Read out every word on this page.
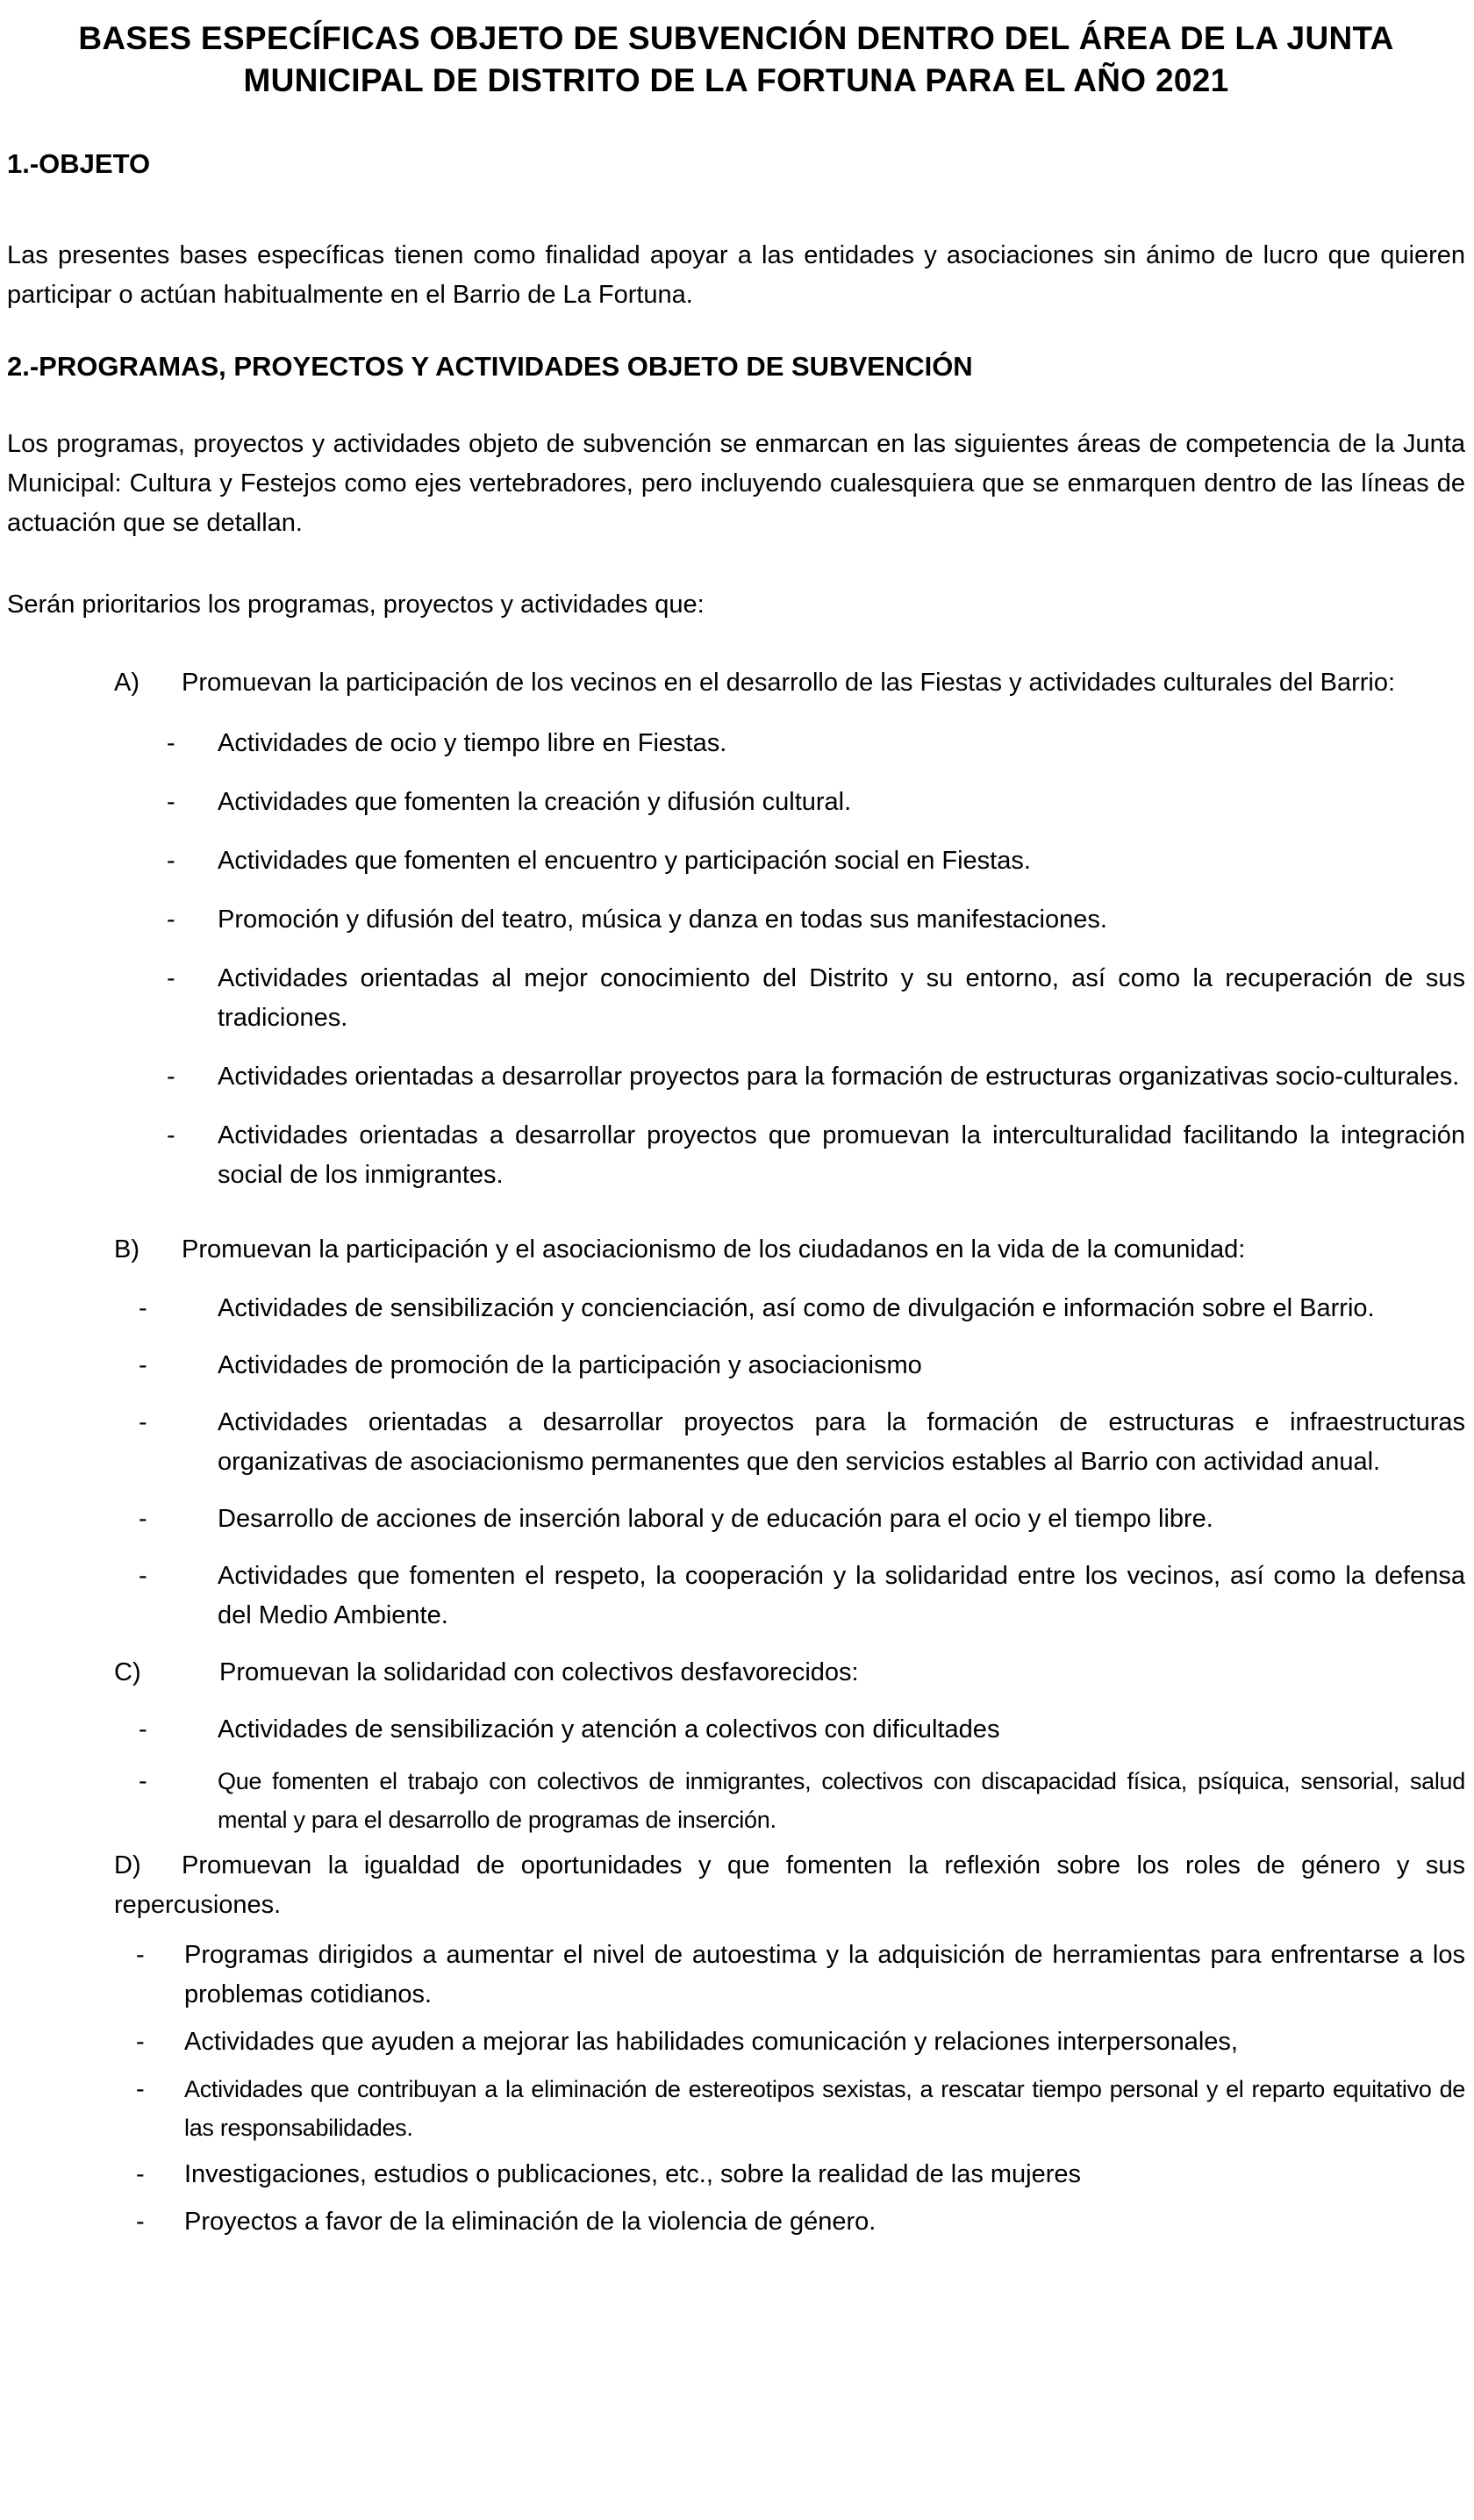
BASES ESPECÍFICAS OBJETO DE SUBVENCIÓN DENTRO DEL ÁREA DE LA JUNTA MUNICIPAL DE DISTRITO DE LA FORTUNA PARA EL AÑO 2021

1.-OBJETO

Las presentes bases específicas tienen como finalidad apoyar a las entidades y asociaciones sin ánimo de lucro que quieren participar o actúan habitualmente en el Barrio de La Fortuna.

2.-PROGRAMAS, PROYECTOS Y ACTIVIDADES OBJETO DE SUBVENCIÓN

Los programas, proyectos y actividades objeto de subvención se enmarcan en las siguientes áreas de competencia de la Junta Municipal: Cultura y Festejos como ejes vertebradores, pero incluyendo cualesquiera que se enmarquen dentro de las líneas de actuación que se detallan.

Serán prioritarios los programas, proyectos y actividades que:

A) Promuevan la participación de los vecinos en el desarrollo de las Fiestas y actividades culturales del Barrio:

-	Actividades de ocio y tiempo libre en Fiestas.
-	Actividades que fomenten la creación y difusión cultural.
-	Actividades que fomenten el encuentro y participación social en Fiestas.
-	Promoción y difusión del teatro, música y danza en todas sus manifestaciones.
-	Actividades orientadas al mejor conocimiento del Distrito y su entorno, así como la recuperación de sus tradiciones.
-	Actividades orientadas a desarrollar proyectos para la formación de estructuras organizativas socio-culturales.
-	Actividades orientadas a desarrollar proyectos que promuevan la interculturalidad facilitando la integración social de los inmigrantes.

B) Promuevan la participación y el asociacionismo de los ciudadanos en la vida de la comunidad:

-	Actividades de sensibilización y concienciación, así como de divulgación e información sobre el Barrio.
-	Actividades de promoción de la participación y asociacionismo
-	Actividades orientadas a desarrollar proyectos para la formación de estructuras e infraestructuras organizativas de asociacionismo permanentes que den servicios estables al Barrio con actividad anual.
-	Desarrollo de acciones de inserción laboral y de educación para el ocio y el tiempo libre.
-	Actividades que fomenten el respeto, la cooperación y la solidaridad entre los vecinos, así como la defensa del Medio Ambiente.

C)	Promuevan la solidaridad con colectivos desfavorecidos:

-	Actividades de sensibilización y atención a colectivos con dificultades
-	Que fomenten el trabajo con colectivos de inmigrantes, colectivos con discapacidad física, psíquica, sensorial, salud mental y para el desarrollo de programas de inserción.

D) Promuevan la igualdad de oportunidades y que fomenten la reflexión sobre los roles de género y sus repercusiones.

-	Programas dirigidos a aumentar el nivel de autoestima y la adquisición de herramientas para enfrentarse a los problemas cotidianos.
-	Actividades que ayuden a mejorar las habilidades comunicación y relaciones interpersonales,
-	Actividades que contribuyan a la eliminación de estereotipos sexistas, a rescatar tiempo personal y el reparto equitativo de las responsabilidades.
-	Investigaciones, estudios o publicaciones, etc., sobre la realidad de las mujeres
-	Proyectos a favor de la eliminación de la violencia de género.
